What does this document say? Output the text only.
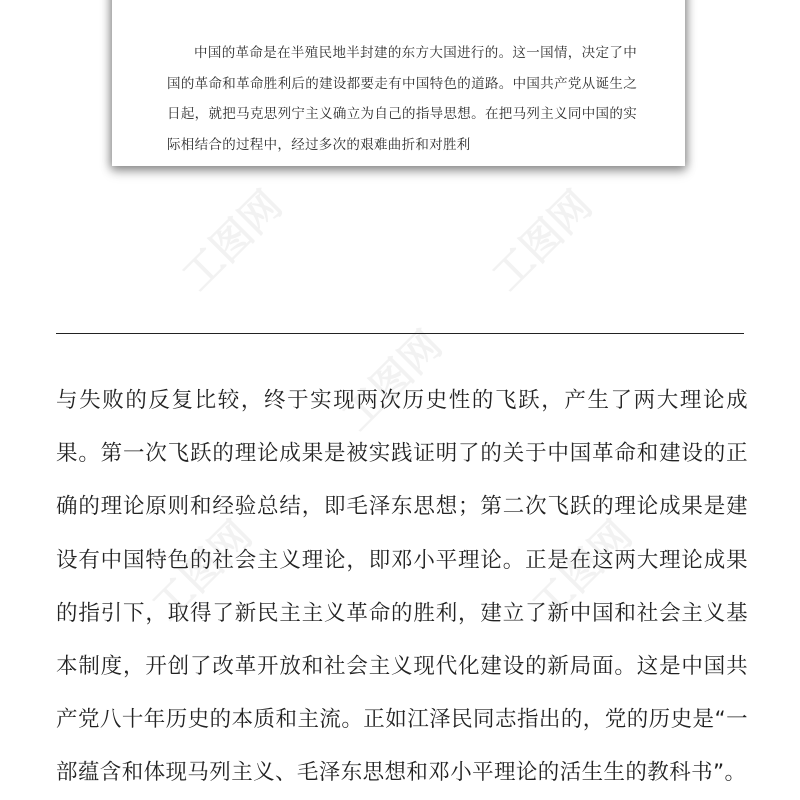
中国的革命是在半殖民地半封建的东方大国进行的。这一国情，决定了中国的革命和革命胜利后的建设都要走有中国特色的道路。中国共产党从诞生之日起，就把马克思列宁主义确立为自己的指导思想。在把马列主义同中国的实际相结合的过程中，经过多次的艰难曲折和对胜利

工图网	工图网
工图网
工图网	工图网

与失败的反复比较，终于实现两次历史性的飞跃，产生了两大理论成果。第一次飞跃的理论成果是被实践证明了的关于中国革命和建设的正确的理论原则和经验总结，即毛泽东思想；第二次飞跃的理论成果是建设有中国特色的社会主义理论，即邓小平理论。正是在这两大理论成果的指引下，取得了新民主主义革命的胜利，建立了新中国和社会主义基本制度，开创了改革开放和社会主义现代化建设的新局面。这是中国共产党八十年历史的本质和主流。正如江泽民同志指出的，党的历史是“一部蕴含和体现马列主义、毛泽东思想和邓小平理论的活生生的教科书”。
